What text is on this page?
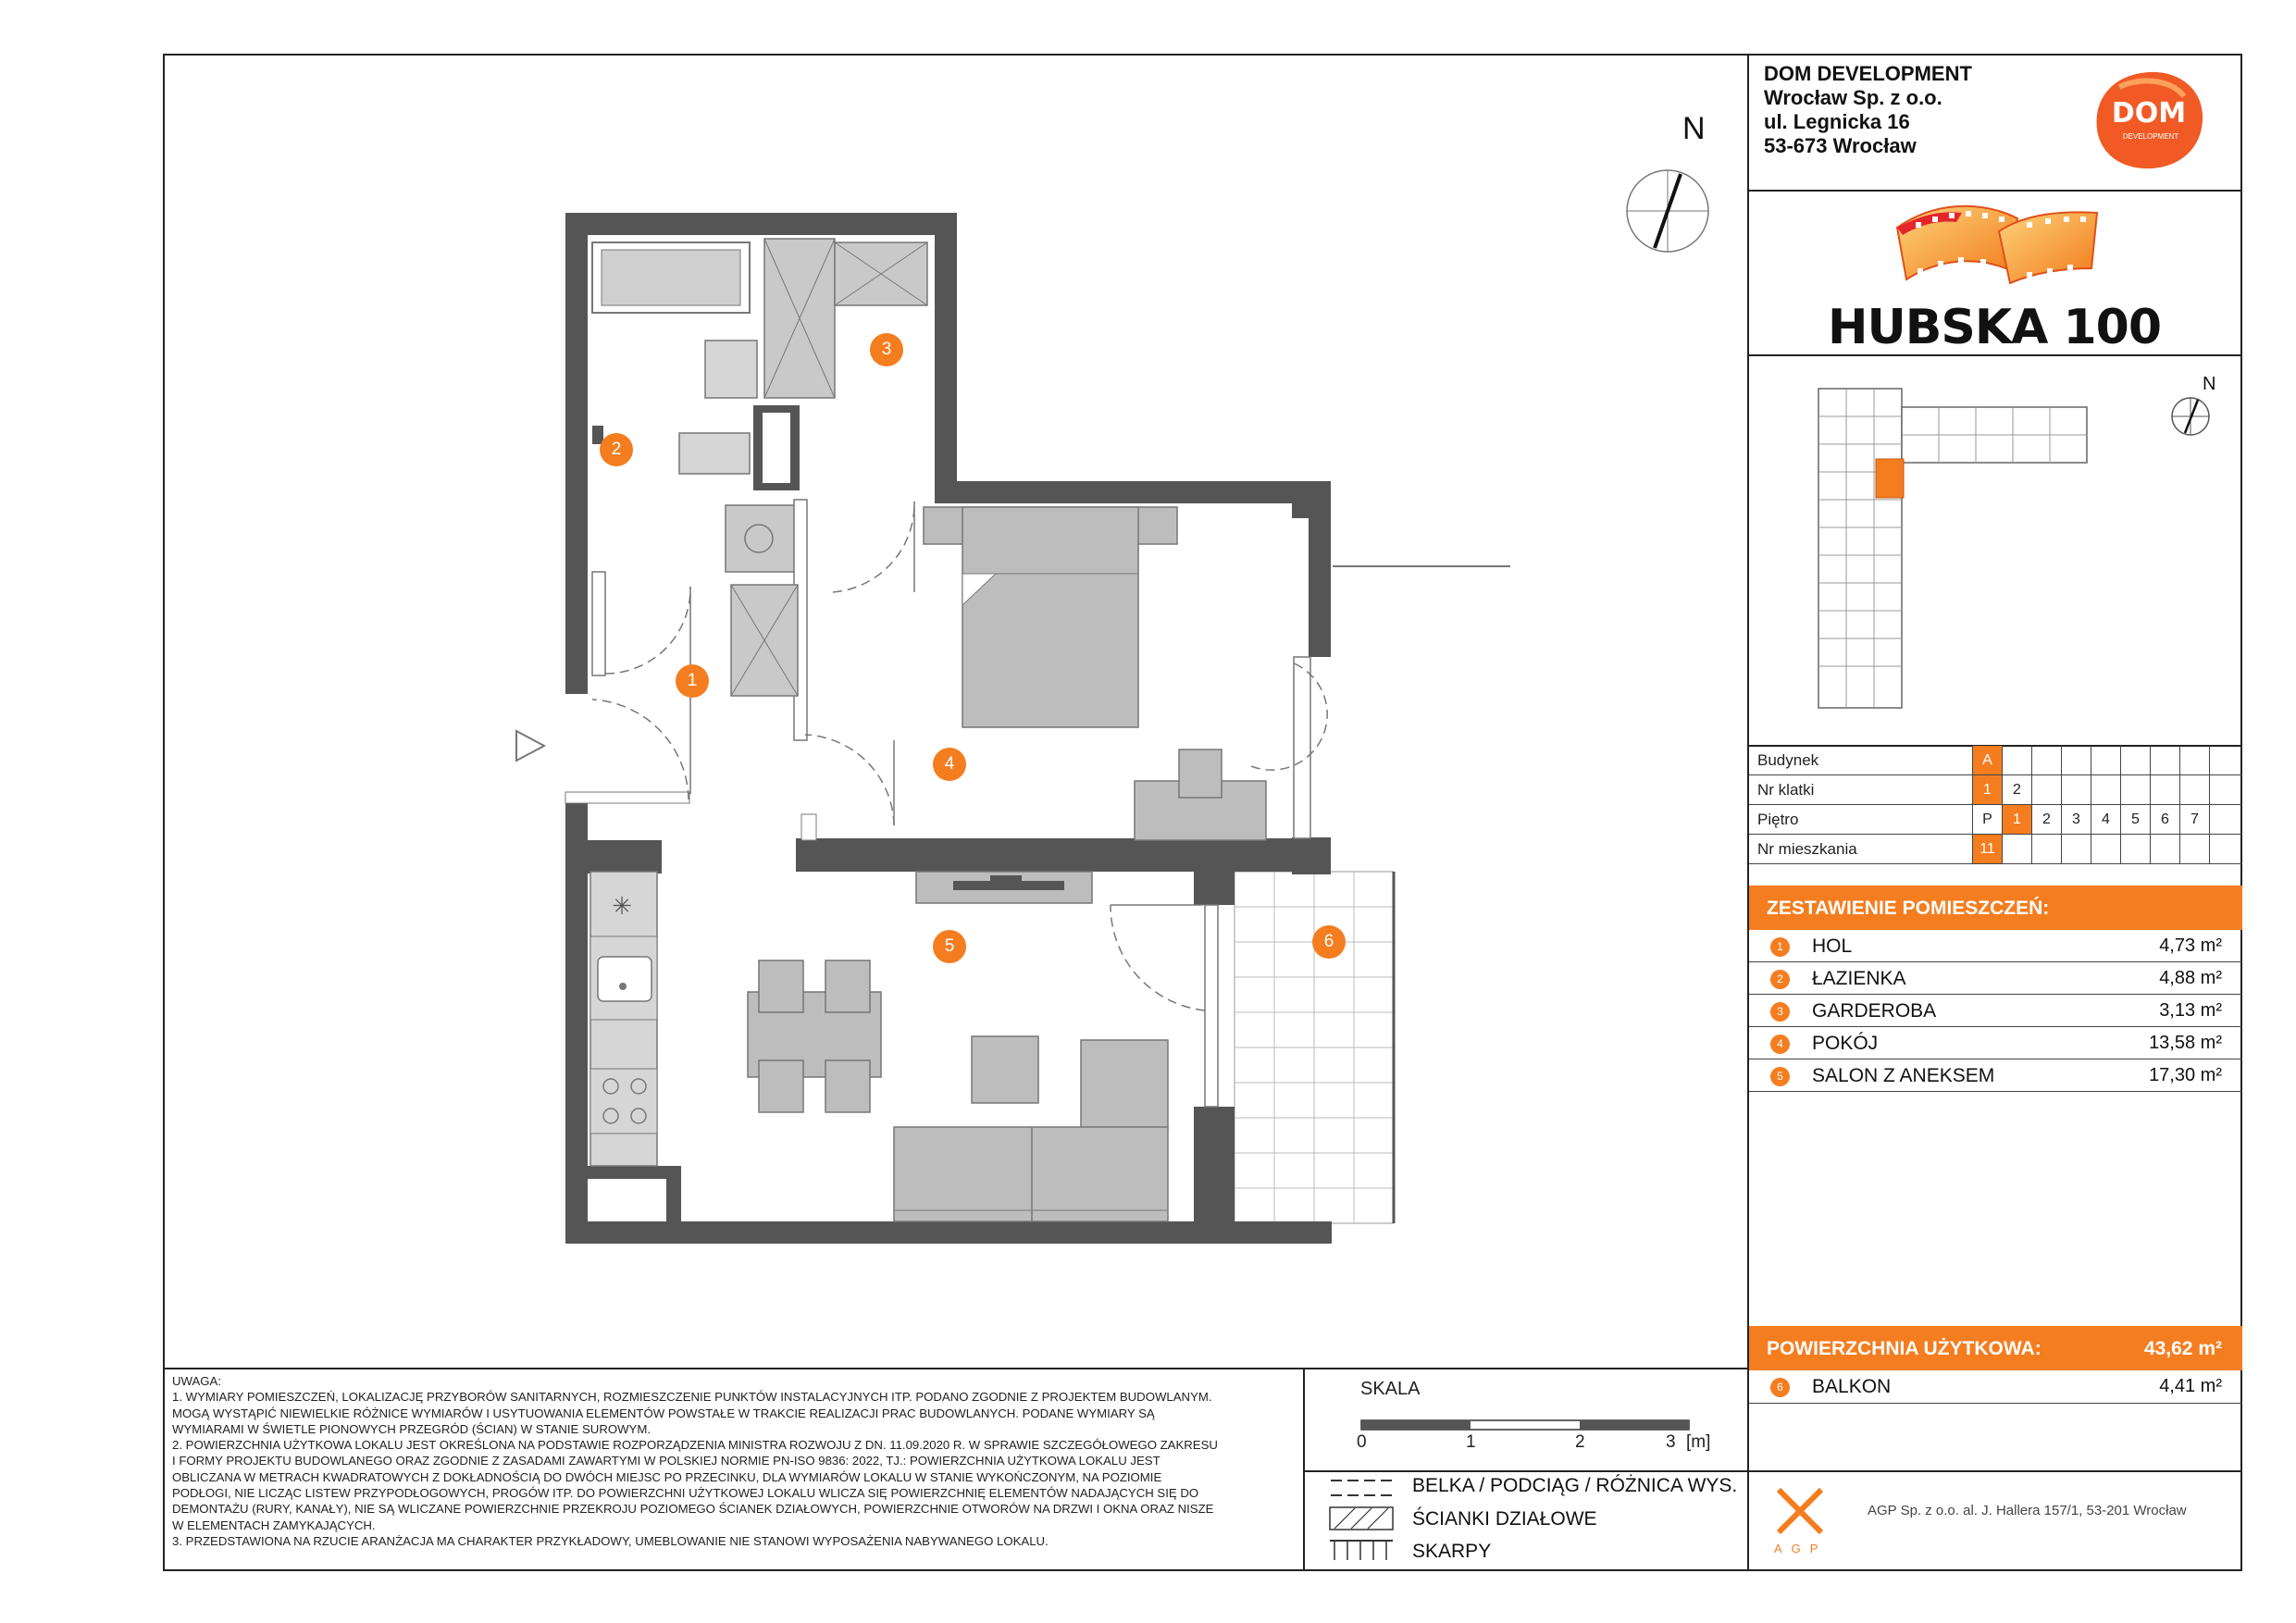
DOM DEVELOPMENT
Wrocław Sp. z o.o.
ul. Legnicka 16
53-673 Wrocław
DOM
DEVELOPMENT
HUBSKA 100
N
Budynek	A
Nr klatki	1	2
Piętro	P	1	2	3	4	5	6	7
Nr mieszkania	11
ZESTAWIENIE POMIESZCZEŃ:
1	HOL	4,73 m²
2	ŁAZIENKA	4,88 m²
3	GARDEROBA	3,13 m²
4	POKÓJ	13,58 m²
5	SALON Z ANEKSEM	17,30 m²
POWIERZCHNIA UŻYTKOWA:	43,62 m²
6	BALKON	4,41 m²
N
✳
1
2
3
4
5	6
UWAGA:
1. WYMIARY POMIESZCZEŃ, LOKALIZACJĘ PRZYBORÓW SANITARNYCH, ROZMIESZCZENIE PUNKTÓW INSTALACYJNYCH ITP. PODANO ZGODNIE Z PROJEKTEM BUDOWLANYM.
MOGĄ WYSTĄPIĆ NIEWIELKIE RÓŻNICE WYMIARÓW I USYTUOWANIA ELEMENTÓW POWSTAŁE W TRAKCIE REALIZACJI PRAC BUDOWLANYCH. PODANE WYMIARY SĄ
WYMIARAMI W ŚWIETLE PIONOWYCH PRZEGRÓD (ŚCIAN) W STANIE SUROWYM.
2. POWIERZCHNIA UŻYTKOWA LOKALU JEST OKREŚLONA NA PODSTAWIE ROZPORZĄDZENIA MINISTRA ROZWOJU Z DN. 11.09.2020 R. W SPRAWIE SZCZEGÓŁOWEGO ZAKRESU
I FORMY PROJEKTU BUDOWLANEGO ORAZ ZGODNIE Z ZASADAMI ZAWARTYMI W POLSKIEJ NORMIE PN-ISO 9836: 2022, TJ.: POWIERZCHNIA UŻYTKOWA LOKALU JEST
OBLICZANA W METRACH KWADRATOWYCH Z DOKŁADNOŚCIĄ DO DWÓCH MIEJSC PO PRZECINKU, DLA WYMIARÓW LOKALU W STANIE WYKOŃCZONYM, NA POZIOMIE
PODŁOGI, NIE LICZĄC LISTEW PRZYPODŁOGOWYCH, PROGÓW ITP. DO POWIERZCHNI UŻYTKOWEJ LOKALU WLICZA SIĘ POWIERZCHNIĘ ELEMENTÓW NADAJĄCYCH SIĘ DO
DEMONTAŻU (RURY, KANAŁY), NIE SĄ WLICZANE POWIERZCHNIE PRZEKROJU POZIOMEGO ŚCIANEK DZIAŁOWYCH, POWIERZCHNIE OTWORÓW NA DRZWI I OKNA ORAZ NISZE
W ELEMENTACH ZAMYKAJĄCYCH.
3. PRZEDSTAWIONA NA RZUCIE ARANŻACJA MA CHARAKTER PRZYKŁADOWY, UMEBLOWANIE NIE STANOWI WYPOSAŻENIA NABYWANEGO LOKALU.
SKALA
0	1	2	3 [m]
BELKA / PODCIĄG / RÓŻNICA WYS.
ŚCIANKI DZIAŁOWE
SKARPY	AGP
AGP Sp. z o.o. al. J. Hallera 157/1, 53-201 Wrocław
